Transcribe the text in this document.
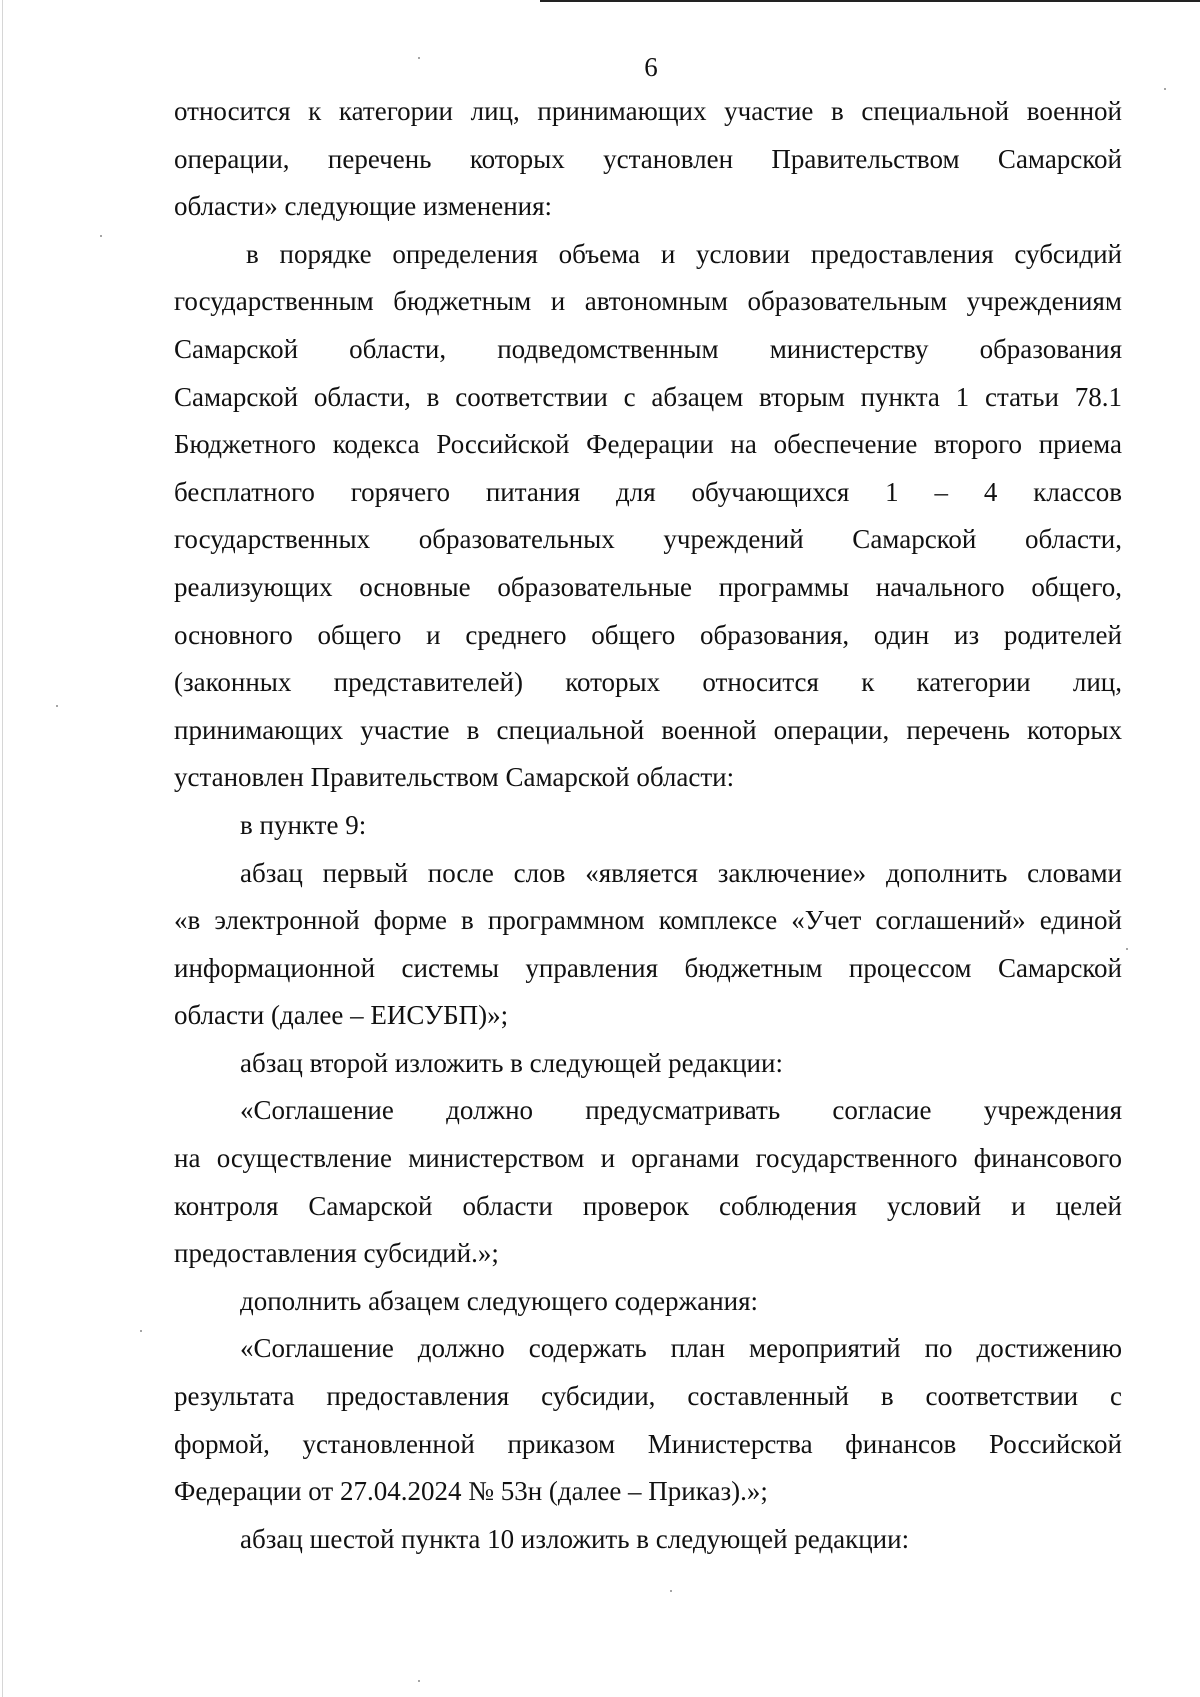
6

относится к категории лиц, принимающих участие в специальной военной

операции, перечень которых установлен Правительством Самарской

области» следующие изменения:

в порядке определения объема и условии предоставления субсидий

государственным бюджетным и автономным образовательным учреждениям

Самарской области, подведомственным министерству образования

Самарской области, в соответствии с абзацем вторым пункта 1 статьи 78.1

Бюджетного кодекса Российской Федерации на обеспечение второго приема

бесплатного горячего питания для обучающихся 1 – 4 классов

государственных образовательных учреждений Самарской области,

реализующих основные образовательные программы начального общего,

основного общего и среднего общего образования, один из родителей

(законных представителей) которых относится к категории лиц,

принимающих участие в специальной военной операции, перечень которых

установлен Правительством Самарской области:

в пункте 9:

абзац первый после слов «является заключение» дополнить словами

«в электронной форме в программном комплексе «Учет соглашений» единой

информационной системы управления бюджетным процессом Самарской

области (далее – ЕИСУБП)»;

абзац второй изложить в следующей редакции:

«Соглашение должно предусматривать согласие учреждения

на осуществление министерством и органами государственного финансового

контроля Самарской области проверок соблюдения условий и целей

предоставления субсидий.»;

дополнить абзацем следующего содержания:

«Соглашение должно содержать план мероприятий по достижению

результата предоставления субсидии, составленный в соответствии с

формой, установленной приказом Министерства финансов Российской

Федерации от 27.04.2024 № 53н (далее – Приказ).»;

абзац шестой пункта 10 изложить в следующей редакции:
